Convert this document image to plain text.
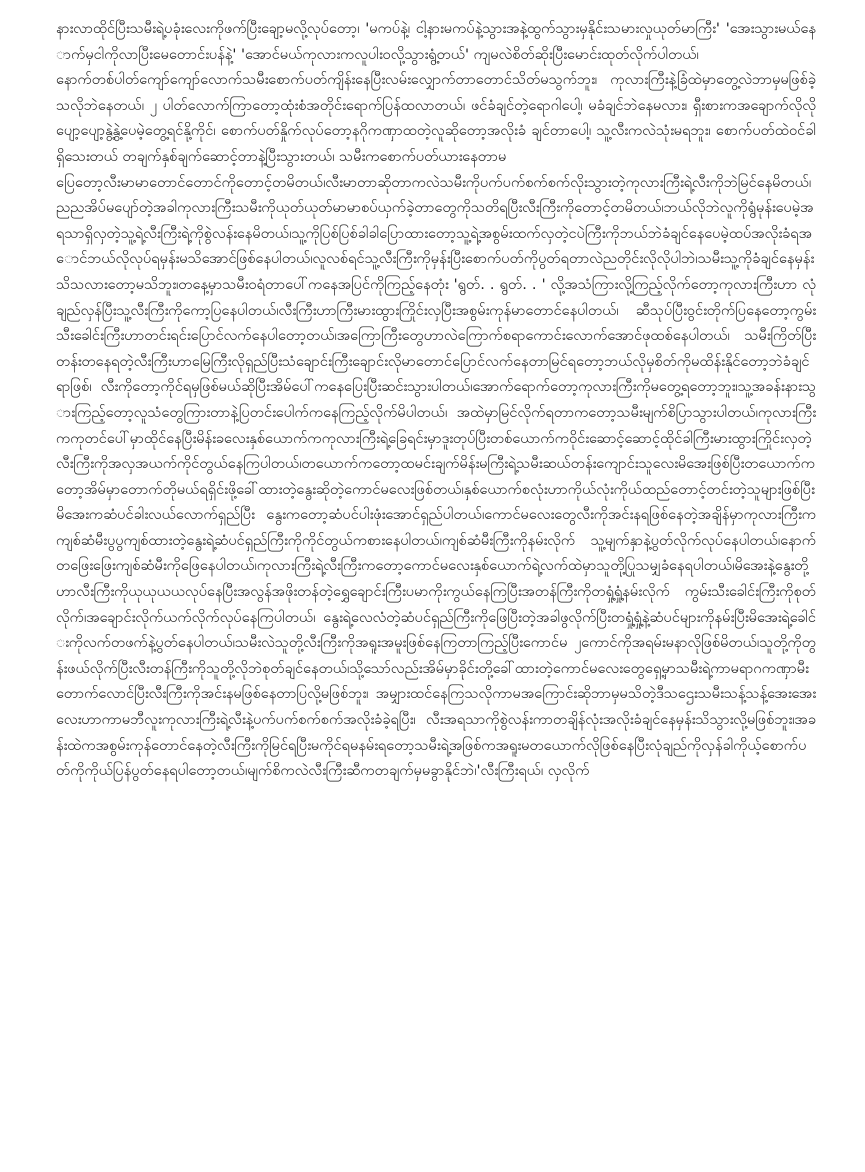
နားလာထိုင်ပြီးသမီးရဲ့ပခုံးလေးကိုဖက်ပြီးချော့မလို့လုပ်တော့၊ 'မကပ်နဲ့၊ ငါ့နားမကပ်နဲ့သွားအနဲ့ထွက်သွားမှနိုင်းသမားလှုယုတ်မာကြီး' 'အေးသွားမယ်နောက်မှငါကိုလာပြီးမေတောင်းပန်နဲ့' 'အောင်မယ်ကုလားကလူပါးဝလို့သွားရွံ့တယ်' ကျမလဲစိတ်ဆိုးပြီးမောင်းထုတ်လိုက်ပါတယ်၊

နောက်တစ်ပါတ်ကျော်ကျော်လောက်သမီးစောက်ပတ်ကျိန်းနေပြီးလမ်းလျှောက်တာတောင်သိတ်မသွက်ဘူး၊ ကုလားကြီးနဲ့ခြံထဲမှာတွေ့လဲဘာမှမဖြစ်ခဲ့သလိုဘဲနေတယ်၊ ၂ ပါတ်လောက်ကြာတော့ထုံးစံအတိုင်းရောက်ပြန်ထလာတယ်၊ ဖင်ခံချင်တဲ့ရောဂါပေါ့၊ မခံချင်ဘဲနေမလား၊ ရှီးစားကအချောက်လိုလိုပျော့ပျော့နွဲ့နွဲ့ပေမဲ့တွေ့ရင်နို့ကိုင်၊ စောက်ပတ်နှိုက်လုပ်တော့နဂိုကဏှာထတဲ့လူဆိုတော့အလိုးခံ ချင်တာပေါ့၊ သူ့လီးကလဲသုံးမရဘူး၊ စောက်ပတ်ထဲဝင်ခါရှိသေးတယ် တချက်နှစ်ချက်ဆောင့်တာနဲ့ပြီးသွားတယ်၊ သမီးကစောက်ပတ်ယားနေတာမ

ပြေတော့လီးမာမာတောင်တောင်ကိုတောင့်တမိတယ်၊လီးမာတာဆိုတာကလဲသမီးကိုပက်ပက်စက်စက်လိုးသွားတဲ့ကုလားကြီးရဲ့လီးကိုဘဲမြင်နေမိတယ်၊ညညအိပ်မပျော်တဲ့အခါကုလားကြီးသမီးကိုယုတ်ယုတ်မာမာစပ်ယှက်ခဲ့တာတွေကိုသတိရပြီးလီးကြီးကိုတောင့်တမိတယ်၊ဘယ်လိုဘဲလူကိုရွံမုန်းပေမဲ့အရသာရှိလှတဲ့သူ့ရဲ့လီးကြီးရဲ့ကိုစွဲလန်းနေမိတယ်၊သူ့ကိုပြစ်ပြစ်ခါခါပြောထားတော့သူ့ရဲ့အစွမ်းထက်လှတဲ့ငပဲကြီးကိုဘယ်ဘဲခံချင်နေပေမဲ့ထပ်အလိုးခံရအောင်ဘယ်လိုလုပ်ရမှန်းမသိအောင်ဖြစ်နေပါတယ်၊လူလစ်ရင်သူ့လီးကြီးကိုမှန်းပြီးစောက်ပတ်ကိုပွတ်ရတာလဲညတိုင်းလိုလိုပါဘဲ၊သမီးသူ့ကိုခံချင်နေမှန်းသိသလားတော့မသိဘူး၊တနေ့မှာသမီးဝရံတာပေါ်ကနေအပြင်ကိုကြည့်နေတုံး 'ရွတ်. . ရွတ်. . ' လို့အသံကြားလို့ကြည့်လိုက်တော့ကုလားကြီးဟာ လုံချည်လှန်ပြီးသူ့လီးကြီးကိုကော့ပြနေပါတယ်၊လီးကြီးဟာကြီးမားထွားကြိုင်းလှပြီးအစွမ်းကုန်မာတောင်နေပါတယ်၊ ဆီသုပ်ပြီးဝွင်းတိုက်ပြနေတော့ကွမ်းသီးခေါင်းကြီးဟာတင်းရင်းပြောင်လက်နေပါတော့တယ်၊အကြောကြီးတွေဟာလဲကြောက်စရာကောင်းလောက်အောင်ဖုထစ်နေပါတယ်၊ သမီးကြိတ်ပြီးတန်းတနေရတဲ့လီးကြီးဟာမြေကြီးလိုရှည်ပြီးသံချောင်းကြီးချောင်းလိုမာတောင်ပြောင်လက်နေတာမြင်ရတော့ဘယ်လိုမှစိတ်ကိုမထိန်းနိုင်တော့ဘဲခံချင်ရာဖြစ်၊ လီးကိုတော့ကိုင်ရမှဖြစ်မယ်ဆိုပြီးအိမ်ပေါ်ကနေပြေးပြီးဆင်းသွားပါတယ်၊အောက်ရောက်တော့ကုလားကြီးကိုမတွေ့ရတော့ဘူး၊သူ့အခန်းနားသွားကြည့်တော့လူသံတွေကြားတာနဲ့ပြတင်းပေါက်ကနေကြည့်လိုက်မိပါတယ်၊ အထဲမှာမြင်လိုက်ရတာကတော့သမီးမျက်စိပြာသွားပါတယ်၊ကုလားကြီးကကုတင်ပေါ်မှာထိုင်နေပြီးမိန်းခလေးနှစ်ယောက်ကကုလားကြီးရဲ့ခြေရင်းမှာဒူးတုပ်ပြီးတစ်ယောက်ကဝိုင်းဆောင့်ဆောင့်ထိုင်ခါကြီးမားထွားကြိုင်းလှတဲ့လီးကြီးကိုအလှအယက်ကိုင်တွယ်နေကြပါတယ်၊တယောက်ကတော့ထမင်းချက်မိန်းမကြီးရဲ့သမီးဆယ်တန်းကျောင်းသူလေးမိအေးဖြစ်ပြီးတယောက်ကတော့အိမ်မှာတောက်တိုမယ်ရရှိင်းဖို့ခေါ်ထားတဲ့နွေးဆိုတဲ့ကောင်မလေးဖြစ်တယ်၊နှစ်ယောက်စလုံးဟာကိုယ်လုံးကိုယ်ထည်တောင့်တင်းတဲ့သူများဖြစ်ပြီးမိအေးကဆံပင်ခါးလယ်လောက်ရှည်ပြီး နွေးကတော့ဆံပင်ပါးဖုံးအောင်ရှည်ပါတယ်၊ကောင်မလေးတွေလီးကိုအင်းနရဖြစ်နေတဲ့အချိန်မှာကုလားကြီးကကျစ်ဆံမီးပွပွကျစ်ထားတဲ့နွေးရဲ့ဆံပင်ရှည်ကြီးကိုကိုင်တွယ်ကစားနေပါတယ်၊ကျစ်ဆံမီးကြီးကိုနမ်းလိုက် သူ့မျက်နှာနဲ့ပွတ်လိုက်လုပ်နေပါတယ်၊နောက်တဖြေးဖြေးကျစ်ဆံမီးကိုဖြေနေပါတယ်၊ကုလားကြီးရဲ့လီးကြီးကတော့ကောင်မလေးနှစ်ယောက်ရဲ့လက်ထဲမှာသူတို့ပြုသမျှခံနေရပါတယ်၊မိအေးနဲ့နွေးတို့ဟာလီးကြီးကိုယုယုယယလုပ်နေပြီးအလွန်အဖိုးတန်တဲ့ရွှေချောင်းကြီးပမာကိုးကွယ်နေကြပြီးအတန်ကြီးကိုတရှုံ့ရှုံ့နမ်းလိုက် ကွမ်းသီးခေါင်းကြီးကိုစုတ်လိုက်၊အချောင်းလိုက်ယက်လိုက်လုပ်နေကြပါတယ်၊ နွေးရဲ့လေလံတဲ့ဆံပင်ရှည်ကြီးကိုဖြေပြီးတဲ့အခါဖွလိုက်ပြီးတရှုံ့ရှုံ့နဲ့ဆံပင်များကိုနမ်းပြီးမိအေးရဲ့ခေါင်းကိုလက်တဖက်နဲ့ပွတ်နေပါတယ်၊သမီးလဲသူတို့လီးကြီးကိုအရူးအမူးဖြစ်နေကြတာကြည့်ပြီးကောင်မ ၂ကောင်ကိုအရမ်းမနာလိုဖြစ်မိတယ်၊သူတို့ကိုတွန်းဖယ်လိုက်ပြီးလီးတန်ကြီးကိုသူတို့လိုဘဲစုတ်ချင်နေတယ်၊သို့သော်လည်းအိမ်မှာခိုင်းတို့ခေါ်ထားတဲ့ကောင်မလေးတွေရှေ့မှာသမီးရဲ့ကာမရာဂကဏှာမီးတောက်လောင်ပြီးလီးကြီးကိုအင်းနမဖြစ်နေတာပြလို့မဖြစ်ဘူး၊ အမျှားထင်နေကြသလိုကာမအကြောင်းဆိုဘာမှမသိတဲ့ဒီသဌေးသမီးသန့်သန့်အေးအေးလေးဟာကာမဘီလူးကုလားကြီးရဲ့လီးနဲ့ပက်ပက်စက်စက်အလိုးခံခဲ့ရပြီး၊ လီးအရသာကိုစွဲလန်းကာတချိန်လုံးအလိုးခံချင်နေမှန်းသိသွားလို့မဖြစ်ဘူး၊အခန်းထဲကအစွမ်းကုန်တောင်နေတဲ့လီးကြီးကိုမြင်ရပြီးမကိုင်ရမနမ်းရတော့သမီးရဲ့အဖြစ်ကအရူးမတယောက်လိုဖြစ်နေပြီးလုံချည်ကိုလှန်ခါကိုယ့်စောက်ပတ်ကိုကိုယ်ပြန်ပွတ်နေရပါတော့တယ်၊မျက်စိကလဲလီးကြီးဆီကတချက်မှမခွာနိုင်ဘဲ၊'လီးကြီးရယ်၊ လှလိုက်
